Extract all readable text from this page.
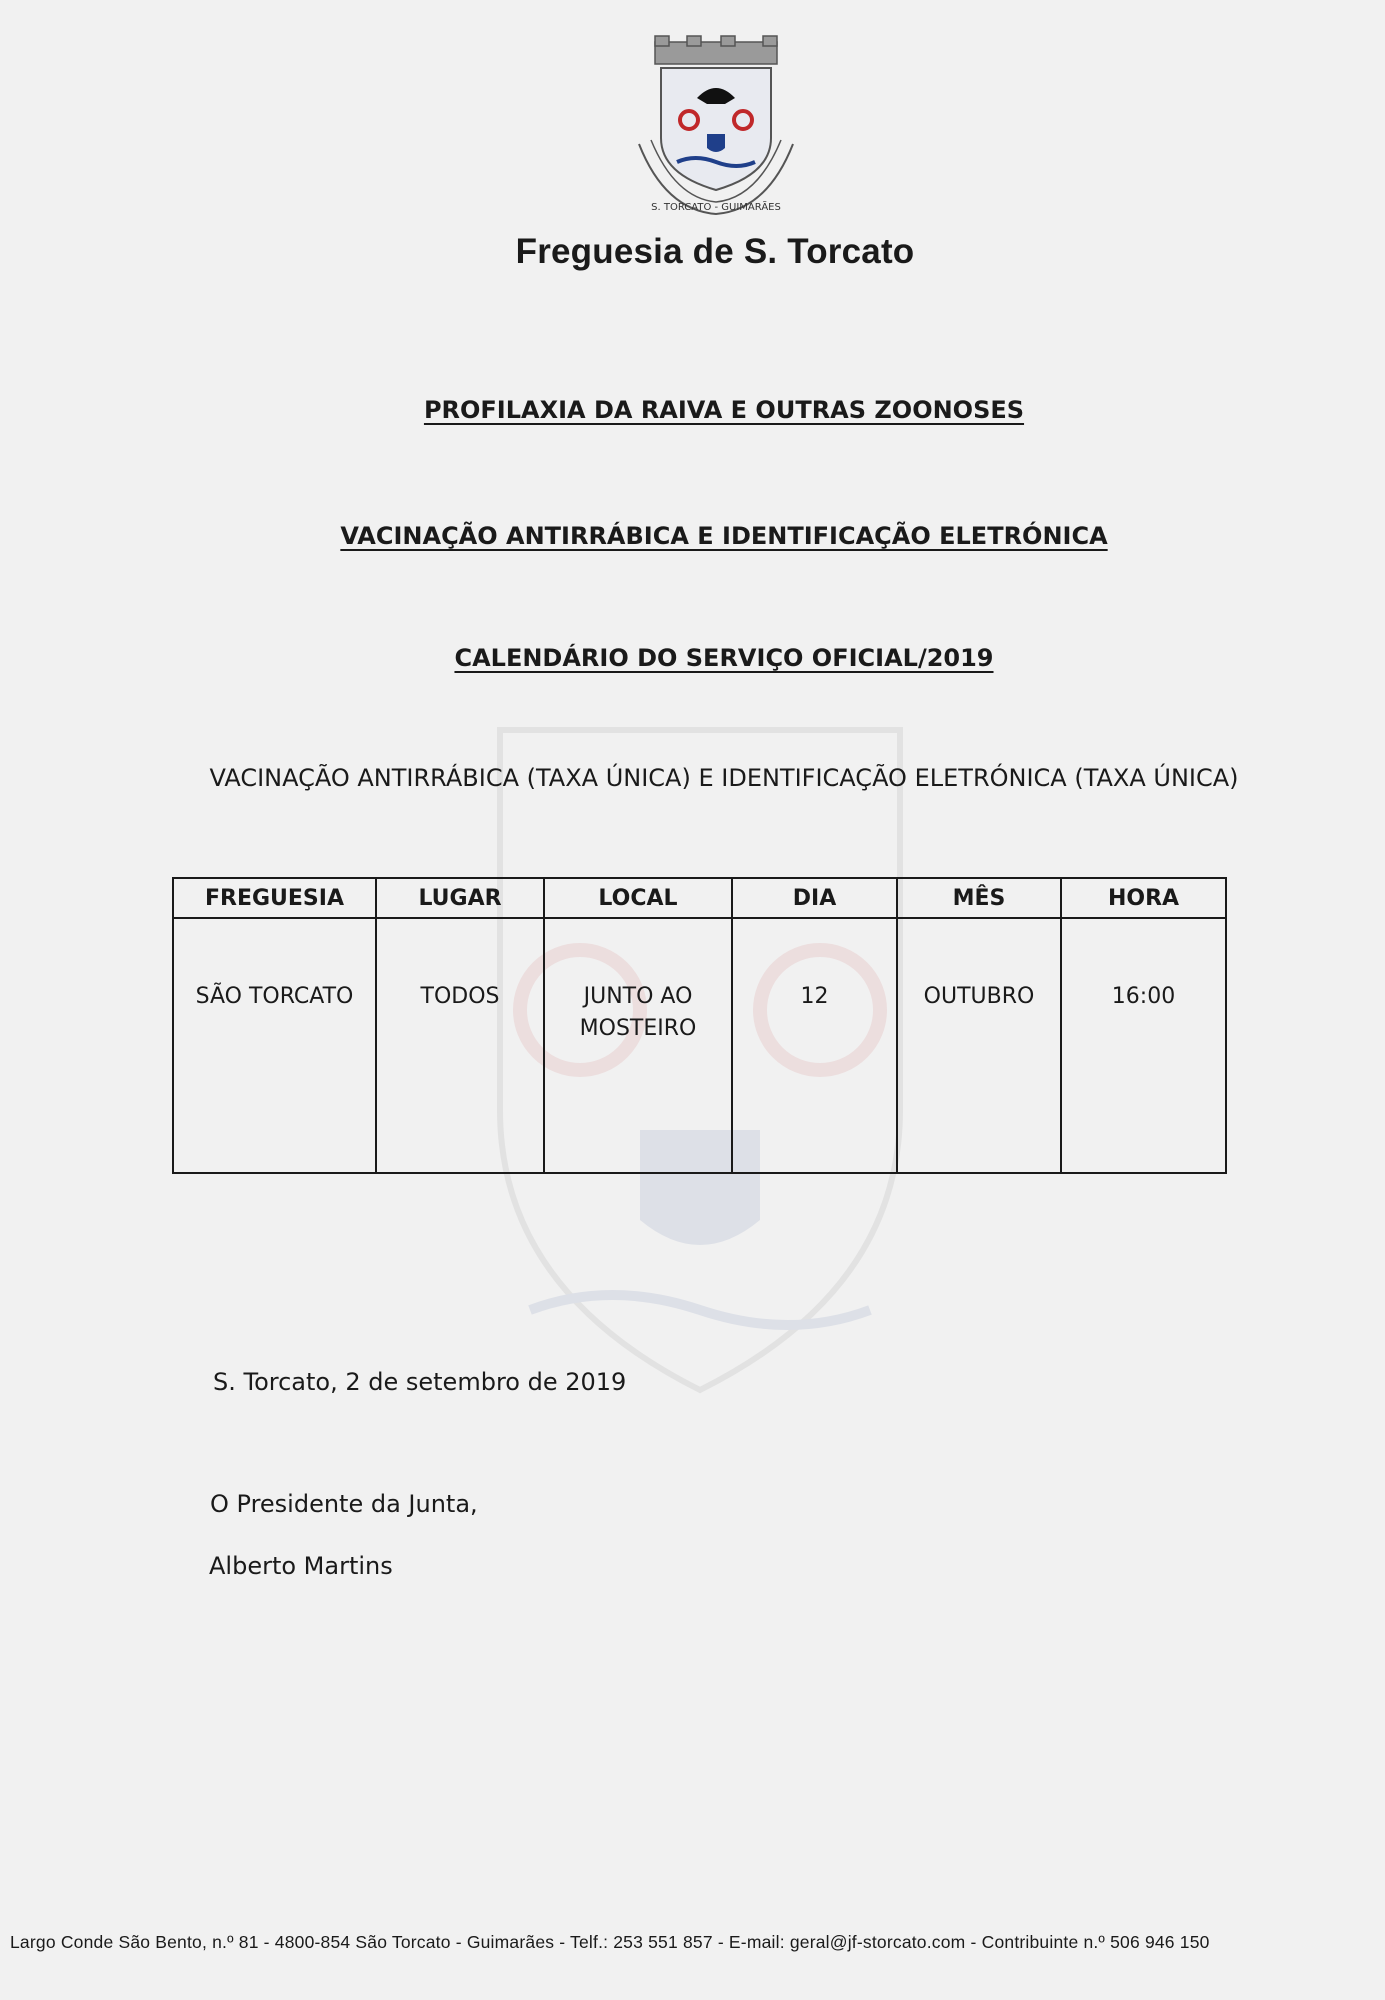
S. TORCATO - GUIMARÃES
Freguesia de S. Torcato
PROFILAXIA DA RAIVA E OUTRAS ZOONOSES
VACINAÇÃO ANTIRRÁBICA E IDENTIFICAÇÃO ELETRÓNICA
CALENDÁRIO DO SERVIÇO OFICIAL/2019
VACINAÇÃO ANTIRRÁBICA (TAXA ÚNICA) E IDENTIFICAÇÃO ELETRÓNICA (TAXA ÚNICA)
FREGUESIA	LUGAR	LOCAL	DIA	MÊS	HORA
SÃO TORCATO	TODOS	JUNTO AO MOSTEIRO	12	OUTUBRO	16:00
S. Torcato, 2 de setembro de 2019
O Presidente da Junta,
Alberto Martins
Largo Conde São Bento, n.º 81 - 4800-854 São Torcato - Guimarães - Telf.: 253 551 857 - E-mail: geral@jf-storcato.com - Contribuinte n.º 506 946 150
